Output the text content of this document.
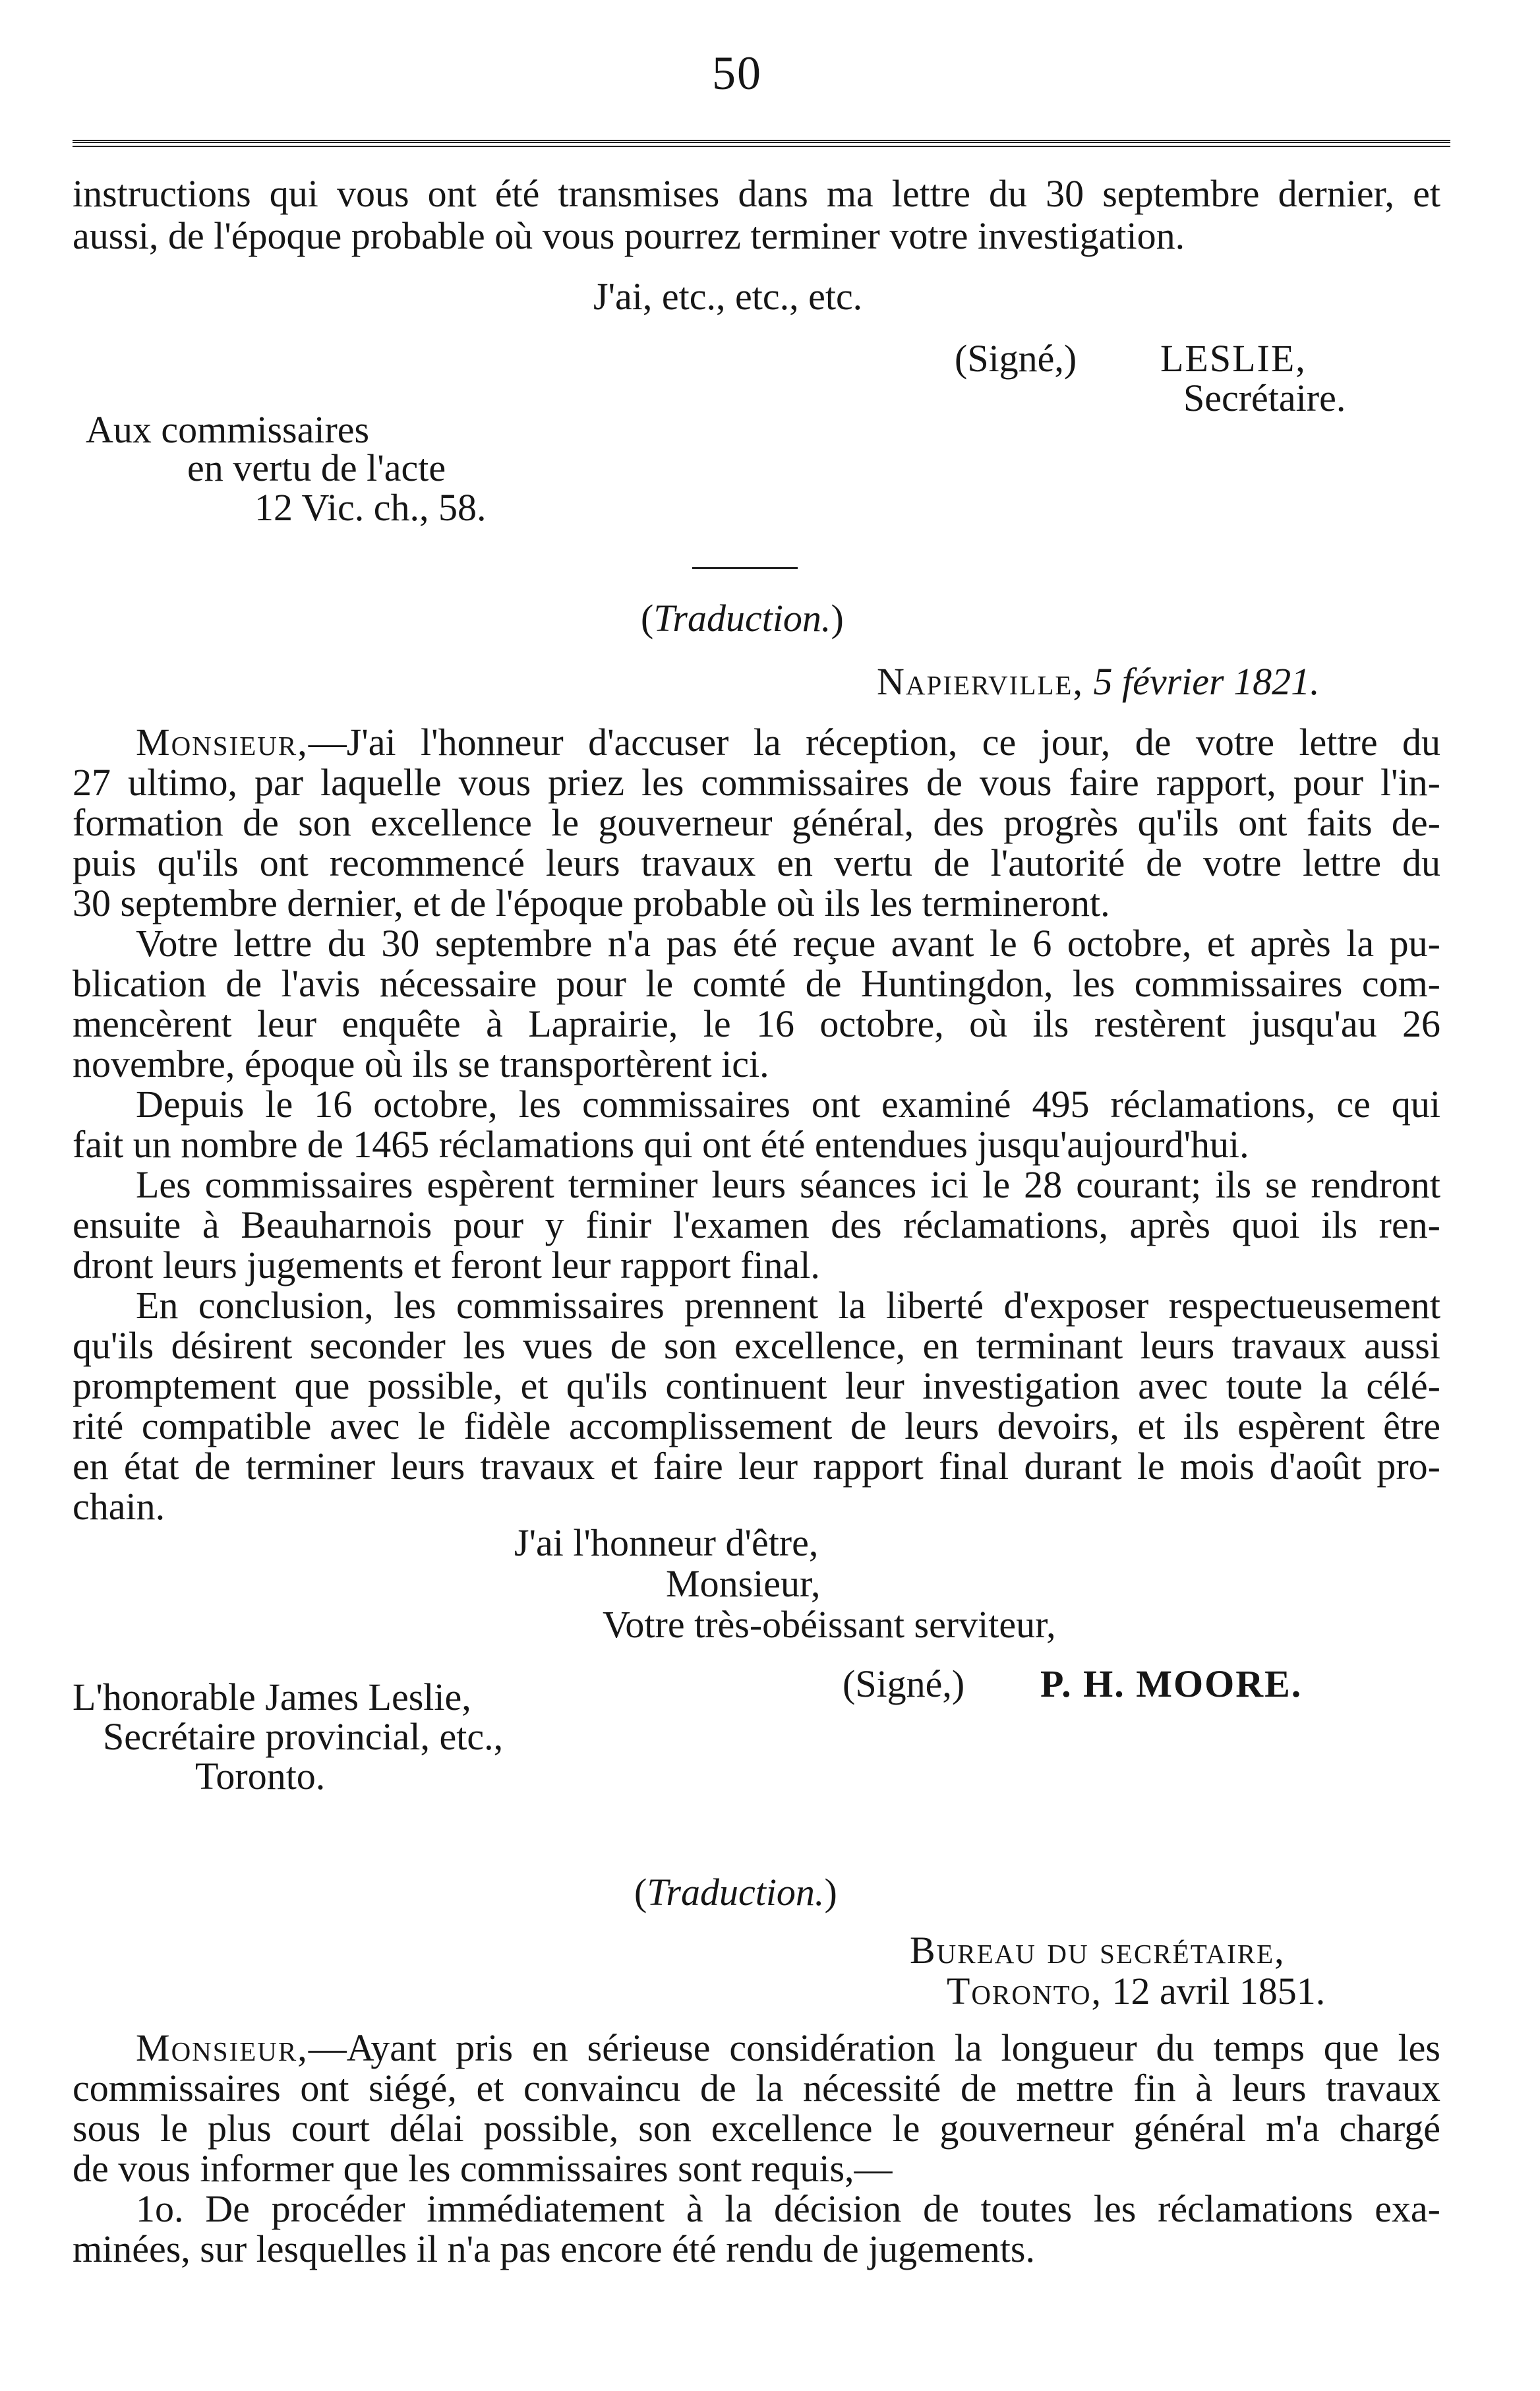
50
instructions qui vous ont été transmises dans ma lettre du 30 septembre dernier, et
aussi, de l'époque probable où vous pourrez terminer votre investigation.
J'ai, etc., etc., etc.
(Signé,) LESLIE,
Secrétaire.
Aux commissaires
en vertu de l'acte
12 Vic. ch., 58.
(Traduction.)
Napierville, 5 février 1821.
Monsieur,—J'ai l'honneur d'accuser la réception, ce jour, de votre lettre du
27 ultimo, par laquelle vous priez les commissaires de vous faire rapport, pour l'in-
formation de son excellence le gouverneur général, des progrès qu'ils ont faits de-
puis qu'ils ont recommencé leurs travaux en vertu de l'autorité de votre lettre du
30 septembre dernier, et de l'époque probable où ils les termineront.
Votre lettre du 30 septembre n'a pas été reçue avant le 6 octobre, et après la pu-
blication de l'avis nécessaire pour le comté de Huntingdon, les commissaires com-
mencèrent leur enquête à Laprairie, le 16 octobre, où ils restèrent jusqu'au 26
novembre, époque où ils se transportèrent ici.
Depuis le 16 octobre, les commissaires ont examiné 495 réclamations, ce qui
fait un nombre de 1465 réclamations qui ont été entendues jusqu'aujourd'hui.
Les commissaires espèrent terminer leurs séances ici le 28 courant; ils se rendront
ensuite à Beauharnois pour y finir l'examen des réclamations, après quoi ils ren-
dront leurs jugements et feront leur rapport final.
En conclusion, les commissaires prennent la liberté d'exposer respectueusement
qu'ils désirent seconder les vues de son excellence, en terminant leurs travaux aussi
promptement que possible, et qu'ils continuent leur investigation avec toute la célé-
rité compatible avec le fidèle accomplissement de leurs devoirs, et ils espèrent être
en état de terminer leurs travaux et faire leur rapport final durant le mois d'août pro-
chain.
J'ai l'honneur d'être,
Monsieur,
Votre très-obéissant serviteur,
(Signé,) P. H. MOORE.
L'honorable James Leslie,
Secrétaire provincial, etc.,
Toronto.
(Traduction.)
Bureau du secrétaire,
Toronto, 12 avril 1851.
Monsieur,—Ayant pris en sérieuse considération la longueur du temps que les
commissaires ont siégé, et convaincu de la nécessité de mettre fin à leurs travaux
sous le plus court délai possible, son excellence le gouverneur général m'a chargé
de vous informer que les commissaires sont requis,—
1o. De procéder immédiatement à la décision de toutes les réclamations exa-
minées, sur lesquelles il n'a pas encore été rendu de jugements.
